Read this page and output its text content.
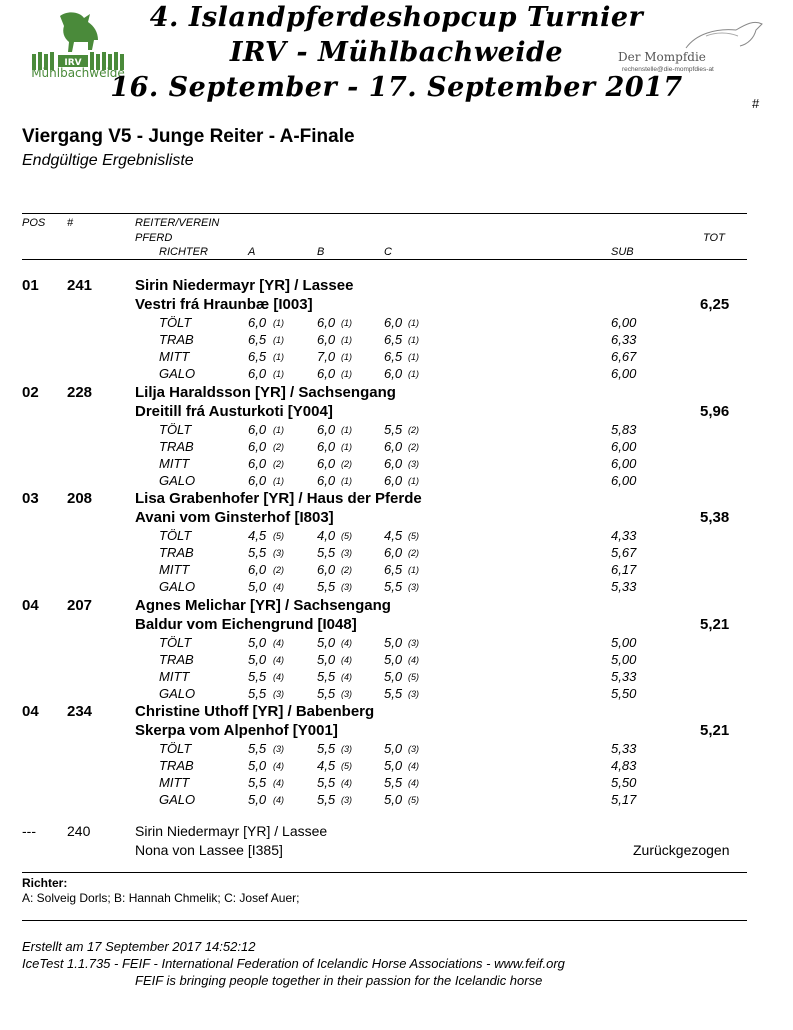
IRV
Mühlbachweide
4. Islandpferdeshopcup Turnier
IRV - Mühlbachweide
16. September - 17. September 2017
Der Mompfdie
rechenstelle@die-mompfdies-at
#
Viergang V5 - Junge Reiter - A-Finale
Endgültige Ergebnisliste
POS #	REITER/VEREIN
PFERD	TOT
RICHTER	A	B	C	SUB
01 241	Sirin Niedermayr [YR] / Lassee
Vestri frá Hraunbæ [I003]	6,25
TÖLT	6,0 (1)	6,0 (1) 6,0 (1)	6,00
TRAB	6,5 (1)	6,0 (1) 6,5 (1)	6,33
MITT	6,5 (1)	7,0 (1) 6,5 (1)	6,67
GALO	6,0 (1)	6,0 (1) 6,0 (1)	6,00
02 228	Lilja Haraldsson [YR] / Sachsengang
Dreitill frá Austurkoti [Y004]	5,96
TÖLT	6,0 (1)	6,0 (1) 5,5 (2)	5,83
TRAB	6,0 (2)	6,0 (1) 6,0 (2)	6,00
MITT	6,0 (2)	6,0 (2) 6,0 (3)	6,00
GALO	6,0 (1)	6,0 (1) 6,0 (1)	6,00
03 208	Lisa Grabenhofer [YR] / Haus der Pferde
Avani vom Ginsterhof [I803]	5,38
TÖLT	4,5 (5)	4,0 (5) 4,5 (5)	4,33
TRAB	5,5 (3)	5,5 (3) 6,0 (2)	5,67
MITT	6,0 (2)	6,0 (2) 6,5 (1)	6,17
GALO	5,0 (4)	5,5 (3) 5,5 (3)	5,33
04 207	Agnes Melichar [YR] / Sachsengang
Baldur vom Eichengrund [I048]	5,21
TÖLT	5,0 (4)	5,0 (4) 5,0 (3)	5,00
TRAB	5,0 (4)	5,0 (4) 5,0 (4)	5,00
MITT	5,5 (4)	5,5 (4) 5,0 (5)	5,33
GALO	5,5 (3)	5,5 (3) 5,5 (3)	5,50
04 234	Christine Uthoff [YR] / Babenberg
Skerpa vom Alpenhof [Y001]	5,21
TÖLT	5,5 (3)	5,5 (3) 5,0 (3)	5,33
TRAB	5,0 (4)	4,5 (5) 5,0 (4)	4,83
MITT	5,5 (4)	5,5 (4) 5,5 (4)	5,50
GALO	5,0 (4)	5,5 (3) 5,0 (5)	5,17
--- 240	Sirin Niedermayr [YR] / Lassee
Nona von Lassee [I385]	Zurückgezogen
Richter:
A: Solveig Dorls; B: Hannah Chmelik; C: Josef Auer;
Erstellt am 17 September 2017 14:52:12
IceTest 1.1.735 - FEIF - International Federation of Icelandic Horse Associations - www.feif.org
FEIF is bringing people together in their passion for the Icelandic horse
